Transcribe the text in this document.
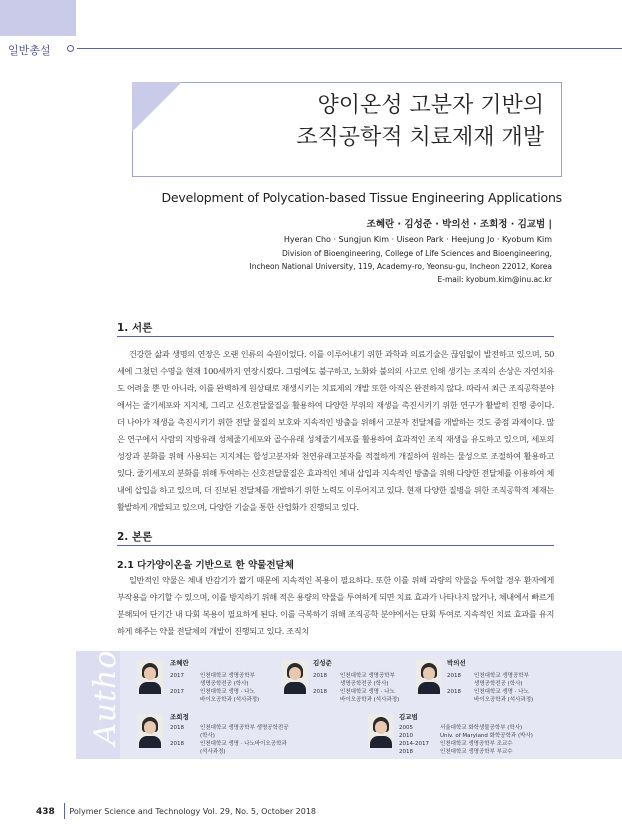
일반총설
양이온성 고분자 기반의
조직공학적 치료제재 개발
Development of Polycation-based Tissue Engineering Applications
조혜란 · 김성준 · 박의선 · 조희정 · 김교범 |
Hyeran Cho · Sungjun Kim · Uiseon Park · Heejung Jo · Kyobum Kim
Division of Bioengineering, College of Life Sciences and Bioengineering,
Incheon National University, 119, Academy-ro, Yeonsu-gu, Incheon 22012, Korea
E-mail: kyobum.kim@inu.ac.kr
1. 서론
건강한 삶과 생명의 연장은 오랜 인류의 숙원이었다. 이를 이루어내기 위한 과학과 의료기술은 끊임없이 발전하고 있으며, 50세에 그쳤던 수명을 현재 100세까지 연장시켰다. 그럼에도 불구하고, 노화와 불의의 사고로 인해 생기는 조직의 손상은 자연치유도 어려울 뿐 만 아니라, 이를 완벽하게 원상태로 재생시키는 치료제의 개발 또한 아직은 완전하지 않다. 따라서 최근 조직공학분야에서는 줄기세포와 지지체, 그리고 신호전달물질을 활용하여 다양한 부위의 재생을 촉진시키기 위한 연구가 활발히 진행 중이다. 더 나아가 재생을 촉진시키기 위한 전달 물질의 보호와 지속적인 방출을 위해서 고분자 전달체를 개발하는 것도 중점 과제이다. 많은 연구에서 사람의 지방유래 성체줄기세포와 골수유래 성체줄기세포를 활용하여 효과적인 조직 재생을 유도하고 있으며, 세포의 성장과 분화를 위해 사용되는 지지체는 합성고분자와 천연유래고분자를 적절하게 개질하여 원하는 물성으로 조절하여 활용하고 있다. 줄기세포의 분화를 위해 투여하는 신호전달물질은 효과적인 체내 삽입과 지속적인 방출을 위해 다양한 전달체를 이용하여 체내에 삽입을 하고 있으며, 더 진보된 전달체를 개발하기 위한 노력도 이루어지고 있다. 현재 다양한 질병을 위한 조직공학적 제재는 활발하게 개발되고 있으며, 다양한 기술을 통한 산업화가 진행되고 있다.
2. 본론
2.1 다가양이온을 기반으로 한 약물전달체
일반적인 약물은 체내 반감기가 짧기 때문에 지속적인 복용이 필요하다. 또한 이를 위해 과량의 약물을 투여할 경우 환자에게 부작용을 야기할 수 있으며, 이를 방지하기 위해 적은 용량의 약물을 투여하게 되면 치료 효과가 나타나지 않거나, 체내에서 빠르게 분해되어 단기간 내 다회 복용이 필요하게 된다. 이를 극복하기 위해 조직공학 분야에서는 단회 투여로 지속적인 치료 효과를 유지하게 해주는 약물 전달체의 개발이 진행되고 있다. 조직치
Author	조혜란
2017
2017
인천대학교 생명공학부
생명공학전공 (학사)
인천대학교 생명 · 나노
바이오공학과 (석사과정)
김성준
2018
2018
인천대학교 생명공학부
생명공학전공 (학사)
인천대학교 생명 · 나노
바이오공학과 (석사과정)
박의선
2018
2018
인천대학교 생명공학부
생명공학전공 (학사)
인천대학교 생명 · 나노
바이오공학과 (석사과정)
조희정
2018
2018
인천대학교 생명공학부 생명공학전공
(학사)
인천대학교 생명 · 나노바이오공학과
(석사과정)
김교범
2005
2010
2014-2017
2018
서울대학교 화학생물공학부 (학사)
Univ. of Maryland 화학공학과 (박사)
인천대학교 생명공학부 조교수
인천대학교 생명공학부 부교수
438 Polymer Science and Technology Vol. 29, No. 5, October 2018
